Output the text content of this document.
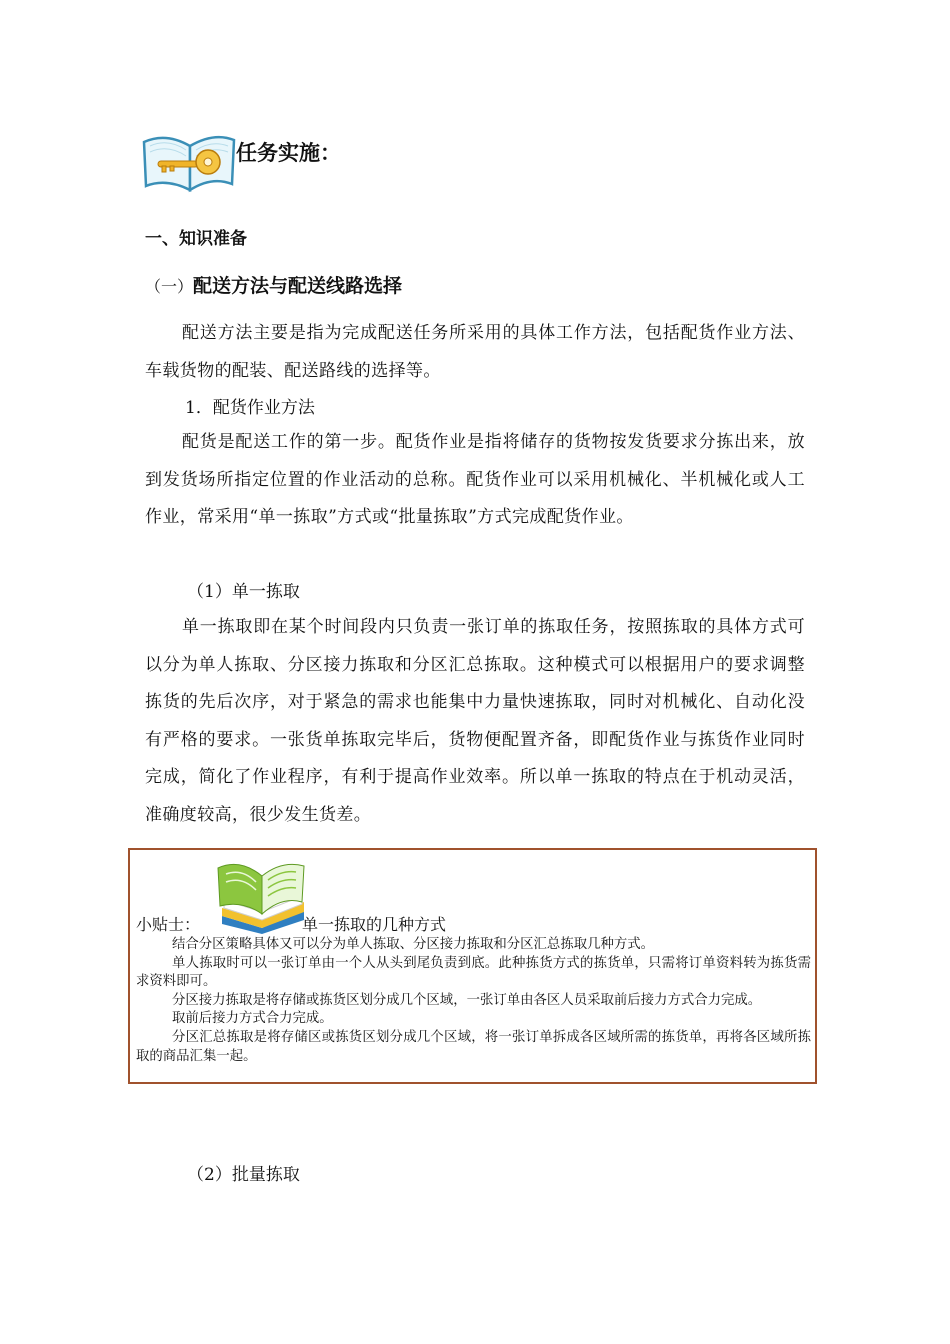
任务实施：
一、知识准备
（一）配送方法与配送线路选择
配送方法主要是指为完成配送任务所采用的具体工作方法，包括配货作业方法、车载货物的配装、配送路线的选择等。
1．配货作业方法
配货是配送工作的第一步。配货作业是指将储存的货物按发货要求分拣出来，放到发货场所指定位置的作业活动的总称。配货作业可以采用机械化、半机械化或人工作业，常采用“单一拣取”方式或“批量拣取”方式完成配货作业。
（1）单一拣取
单一拣取即在某个时间段内只负责一张订单的拣取任务，按照拣取的具体方式可以分为单人拣取、分区接力拣取和分区汇总拣取。这种模式可以根据用户的要求调整拣货的先后次序，对于紧急的需求也能集中力量快速拣取，同时对机械化、自动化没有严格的要求。一张货单拣取完毕后，货物便配置齐备，即配货作业与拣货作业同时完成，简化了作业程序，有利于提高作业效率。所以单一拣取的特点在于机动灵活，准确度较高，很少发生货差。
小贴士：	单一拣取的几种方式

结合分区策略具体又可以分为单人拣取、分区接力拣取和分区汇总拣取几种方式。

单人拣取时可以一张订单由一个人从头到尾负责到底。此种拣货方式的拣货单，只需将订单资料转为拣货需求资料即可。

分区接力拣取是将存储或拣货区划分成几个区域，一张订单由各区人员采取前后接力方式合力完成。

取前后接力方式合力完成。

分区汇总拣取是将存储区或拣货区划分成几个区域，将一张订单拆成各区域所需的拣货单，再将各区域所拣取的商品汇集一起。

（2）批量拣取
